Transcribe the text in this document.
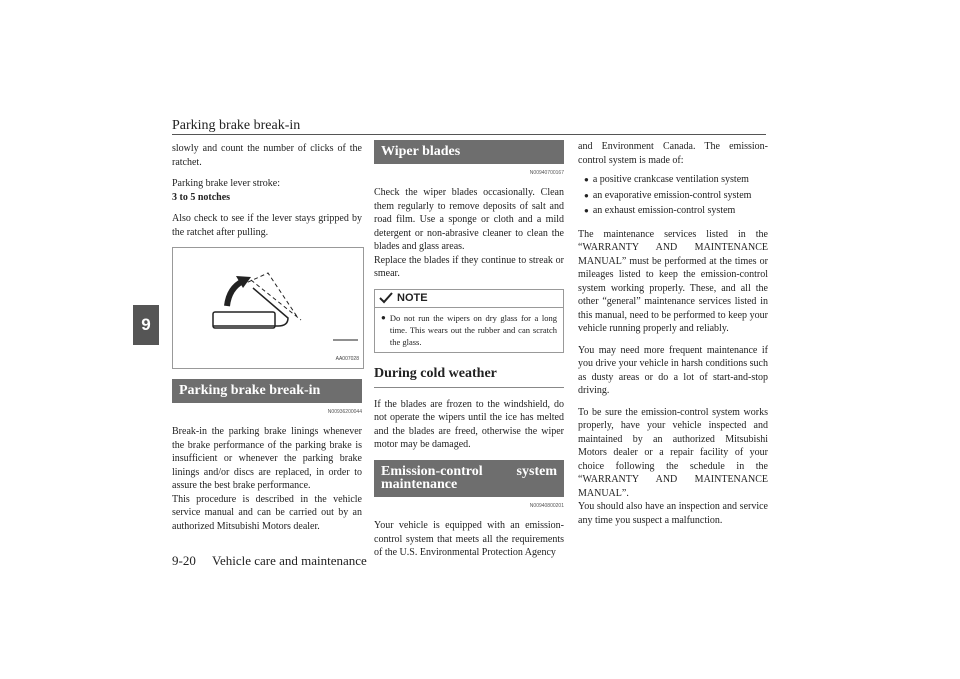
Parking brake break-in
9

slowly and count the number of clicks of the ratchet.

Parking brake lever stroke:

3 to 5 notches

Also check to see if the lever stays gripped by the ratchet after pulling.

AA007028
Parking brake break-in
N00936200044

Break-in the parking brake linings whenever the brake performance of the parking brake is insufficient or whenever the parking brake linings and/or discs are replaced, in order to assure the best brake performance.

This procedure is described in the vehicle service manual and can be carried out by an authorized Mitsubishi Motors dealer.

Wiper blades
N00940700167

Check the wiper blades occasionally. Clean them regularly to remove deposits of salt and road film. Use a sponge or cloth and a mild detergent or non-abrasive cleaner to clean the blades and glass areas.

Replace the blades if they continue to streak or smear.

NOTE
● Do not run the wipers on dry glass for a long time. This wears out the rubber and can scratch the glass.
During cold weather

If the blades are frozen to the windshield, do not operate the wipers until the ice has melted and the blades are freed, otherwise the wiper motor may be damaged.

Emission-control system maintenance
N00940800201

Your vehicle is equipped with an emission-control system that meets all the requirements of the U.S. Environmental Protection Agency

and Environment Canada. The emission-control system is made of:

● a positive crankcase ventilation system
● an evaporative emission-control system
● an exhaust emission-control system

The maintenance services listed in the “WARRANTY AND MAINTENANCE MANUAL” must be performed at the times or mileages listed to keep the emission-control system working properly. These, and all the other “general” maintenance services listed in this manual, need to be performed to keep your vehicle running properly and reliably.

You may need more frequent maintenance if you drive your vehicle in harsh conditions such as dusty areas or do a lot of start-and-stop driving.

To be sure the emission-control system works properly, have your vehicle inspected and maintained by an authorized Mitsubishi Motors dealer or a repair facility of your choice following the schedule in the “WARRANTY AND MAINTENANCE MANUAL”.

You should also have an inspection and service any time you suspect a malfunction.

9-20 Vehicle care and maintenance
